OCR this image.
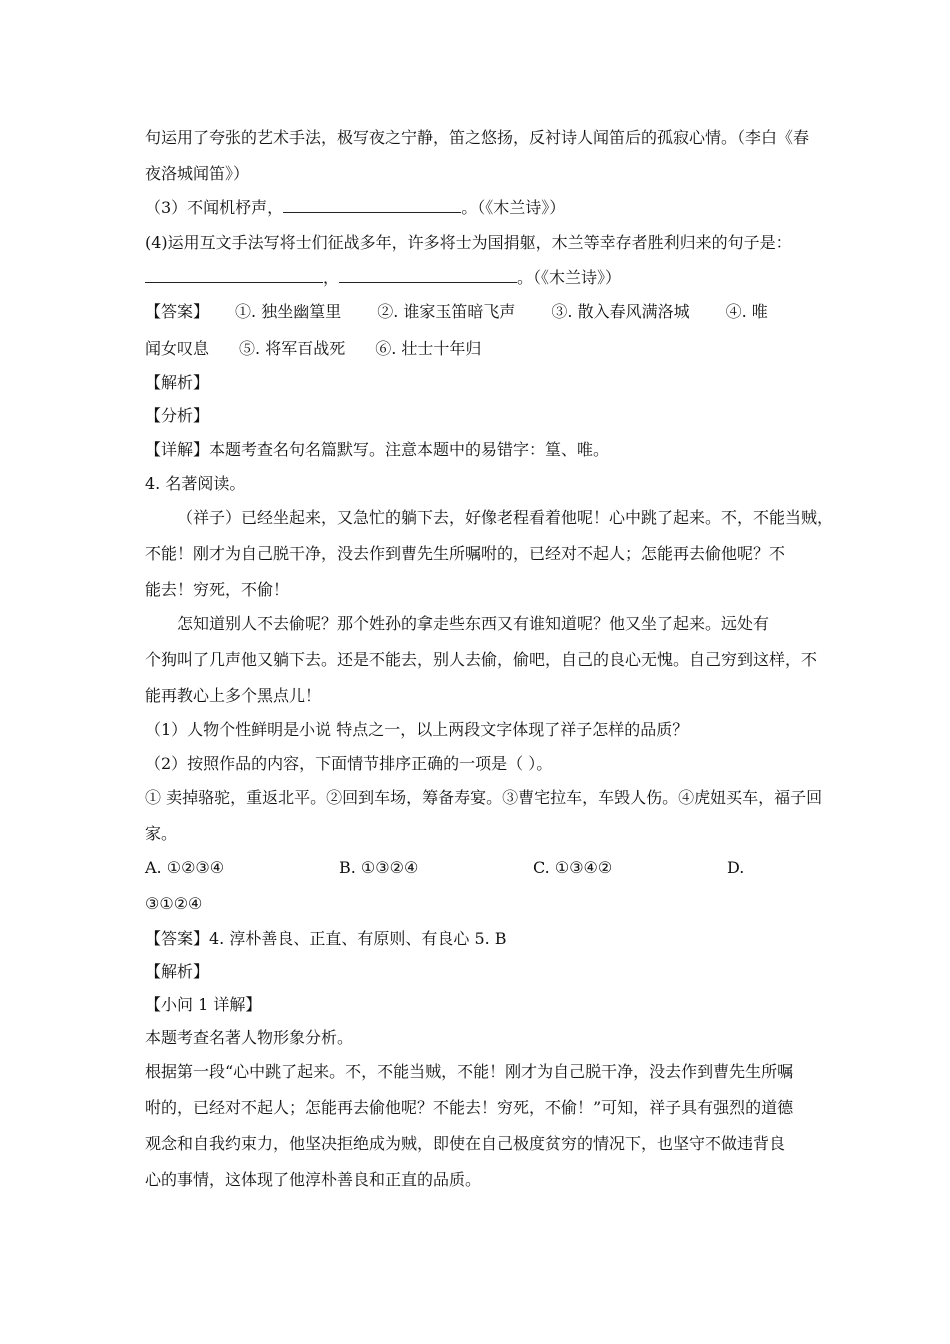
句运用了夸张的艺术手法，极写夜之宁静，笛之悠扬，反衬诗人闻笛后的孤寂心情。（李白《春
夜洛城闻笛》）
（3）不闻机杼声，	。（《木兰诗》）
(4)运用互文手法写将士们征战多年，许多将士为国捐躯，木兰等幸存者胜利归来的句子是：
，	。（《木兰诗》）
【答案】 ①. 独坐幽篁里 ②. 谁家玉笛暗飞声 ③. 散入春风满洛城 ④. 唯
闻女叹息 ⑤. 将军百战死 ⑥. 壮士十年归
【解析】
【分析】
【详解】本题考查名句名篇默写。注意本题中的易错字：篁、唯。
4. 名著阅读。
（祥子）已经坐起来，又急忙的躺下去，好像老程看着他呢！心中跳了起来。不，不能当贼，
不能！刚才为自己脱干净，没去作到曹先生所嘱咐的，已经对不起人；怎能再去偷他呢？不
能去！穷死，不偷！
怎知道别人不去偷呢？那个姓孙的拿走些东西又有谁知道呢？他又坐了起来。远处有
个狗叫了几声他又躺下去。还是不能去，别人去偷，偷吧，自己的良心无愧。自己穷到这样，不
能再教心上多个黑点儿！
（1）人物个性鲜明是小说 特点之一，以上两段文字体现了祥子怎样的品质？
（2）按照作品的内容，下面情节排序正确的一项是（ ）。
① 卖掉骆驼，重返北平。②回到车场，筹备寿宴。③曹宅拉车，车毁人伤。④虎妞买车，福子回
家。
A. ①②③④	B. ①③②④	C. ①③④②	D.
③①②④
【答案】4. 淳朴善良、正直、有原则、有良心 5. B
【解析】
【小问 1 详解】
本题考查名著人物形象分析。
根据第一段“心中跳了起来。不，不能当贼，不能！刚才为自己脱干净，没去作到曹先生所嘱
咐的，已经对不起人；怎能再去偷他呢？不能去！穷死，不偷！”可知，祥子具有强烈的道德
观念和自我约束力，他坚决拒绝成为贼，即使在自己极度贫穷的情况下，也坚守不做违背良
心的事情，这体现了他淳朴善良和正直的品质。
